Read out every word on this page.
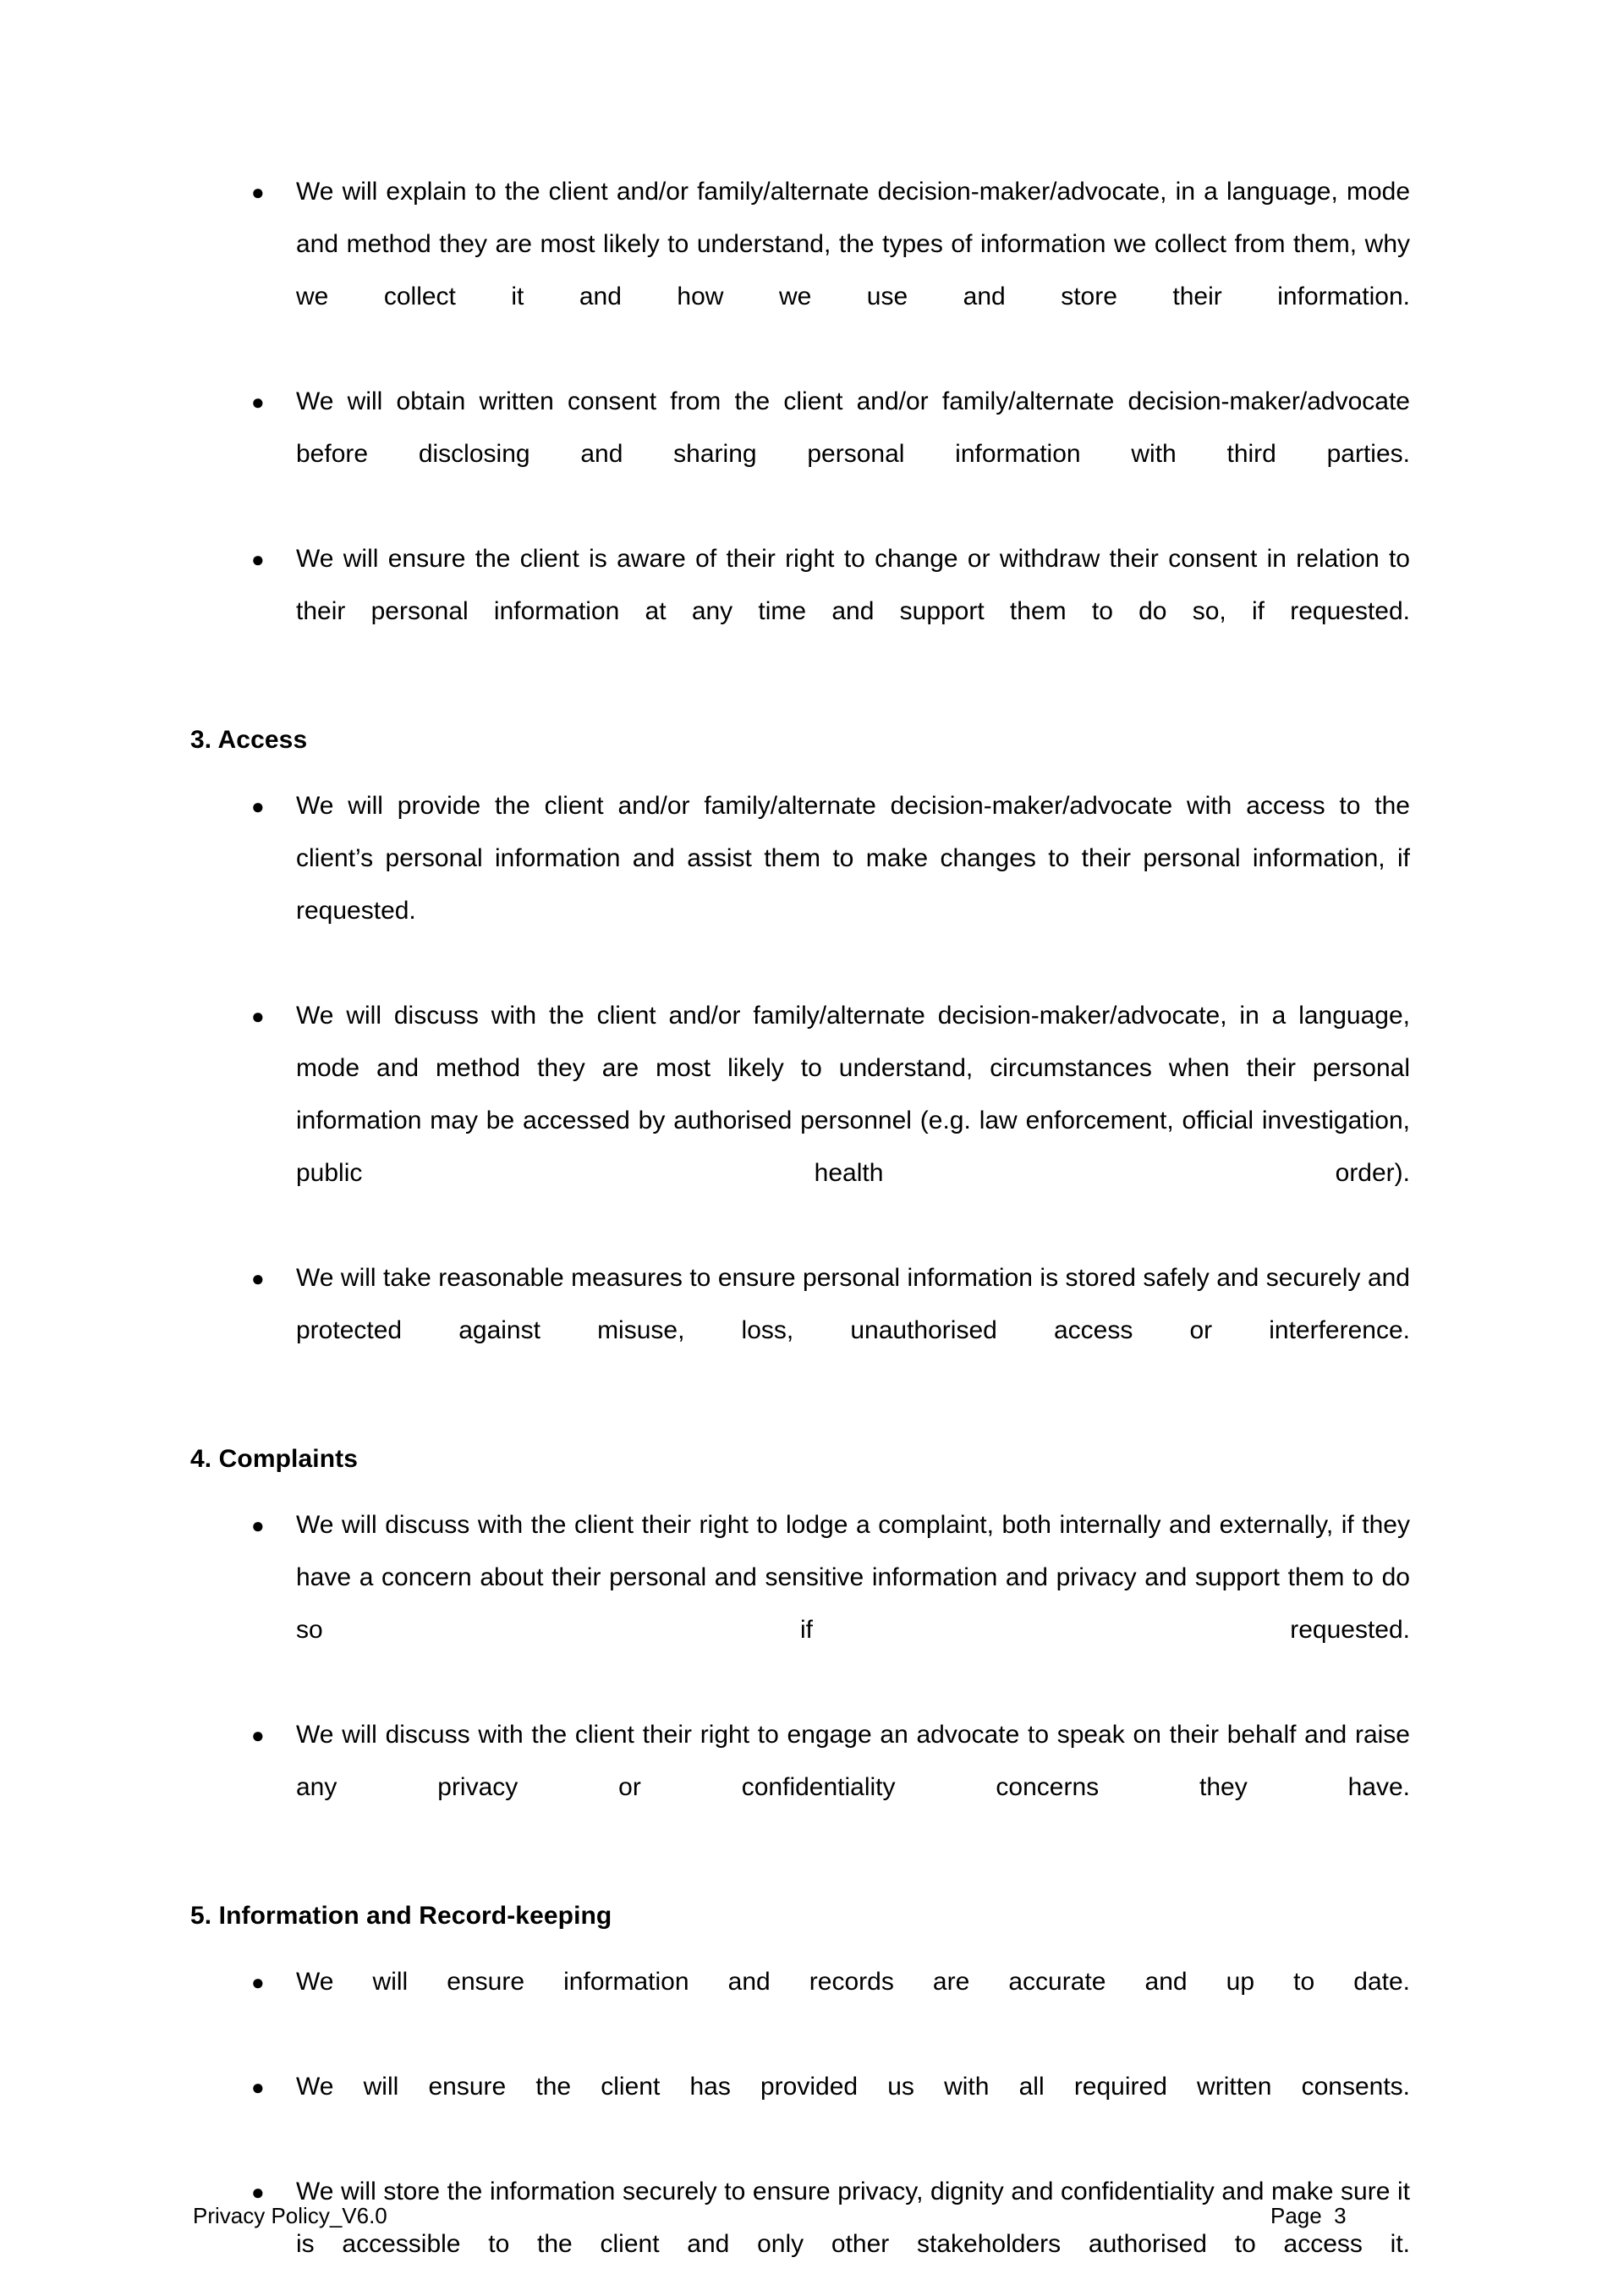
● We will explain to the client and/or family/alternate decision-maker/advocate, in a language, mode and method they are most likely to understand, the types of information we collect from them, why we collect it and how we use and store their information.
● We will obtain written consent from the client and/or family/alternate decision-maker/advocate before disclosing and sharing personal information with third parties.
● We will ensure the client is aware of their right to change or withdraw their consent in relation to their personal information at any time and support them to do so, if requested.
3. Access
● We will provide the client and/or family/alternate decision-maker/advocate with access to the client’s personal information and assist them to make changes to their personal information, if requested.
● We will discuss with the client and/or family/alternate decision-maker/advocate, in a language, mode and method they are most likely to understand, circumstances when their personal information may be accessed by authorised personnel (e.g. law enforcement, official investigation, public health order).
● We will take reasonable measures to ensure personal information is stored safely and securely and protected against misuse, loss, unauthorised access or interference.
4. Complaints
● We will discuss with the client their right to lodge a complaint, both internally and externally, if they have a concern about their personal and sensitive information and privacy and support them to do so if requested.
● We will discuss with the client their right to engage an advocate to speak on their behalf and raise any privacy or confidentiality concerns they have.
5. Information and Record-keeping
● We will ensure information and records are accurate and up to date.
● We will ensure the client has provided us with all required written consents.
● We will store the information securely to ensure privacy, dignity and confidentiality and make sure it is accessible to the client and only other stakeholders authorised to access it.
Privacy Policy_V6.0	Page  3
